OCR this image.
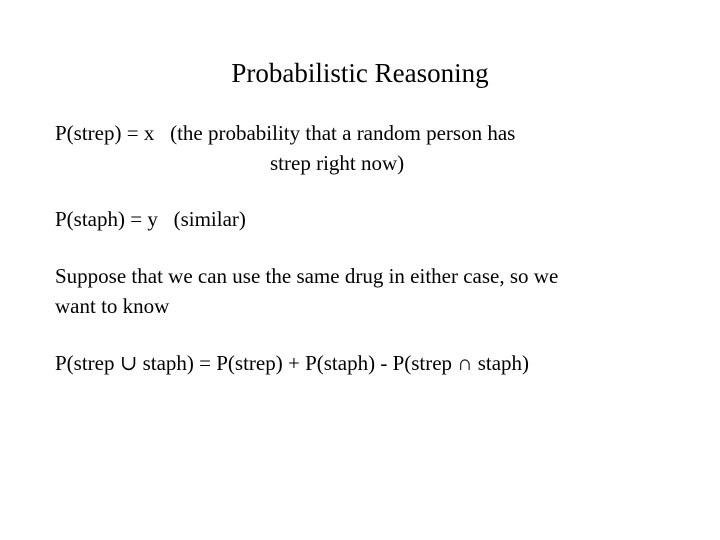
Probabilistic Reasoning
P(strep) = x   (the probability that a random person has
strep right now)
P(staph) = y   (similar)
Suppose that we can use the same drug in either case, so we
want to know
P(strep ∪ staph) = P(strep) + P(staph) - P(strep ∩ staph)
